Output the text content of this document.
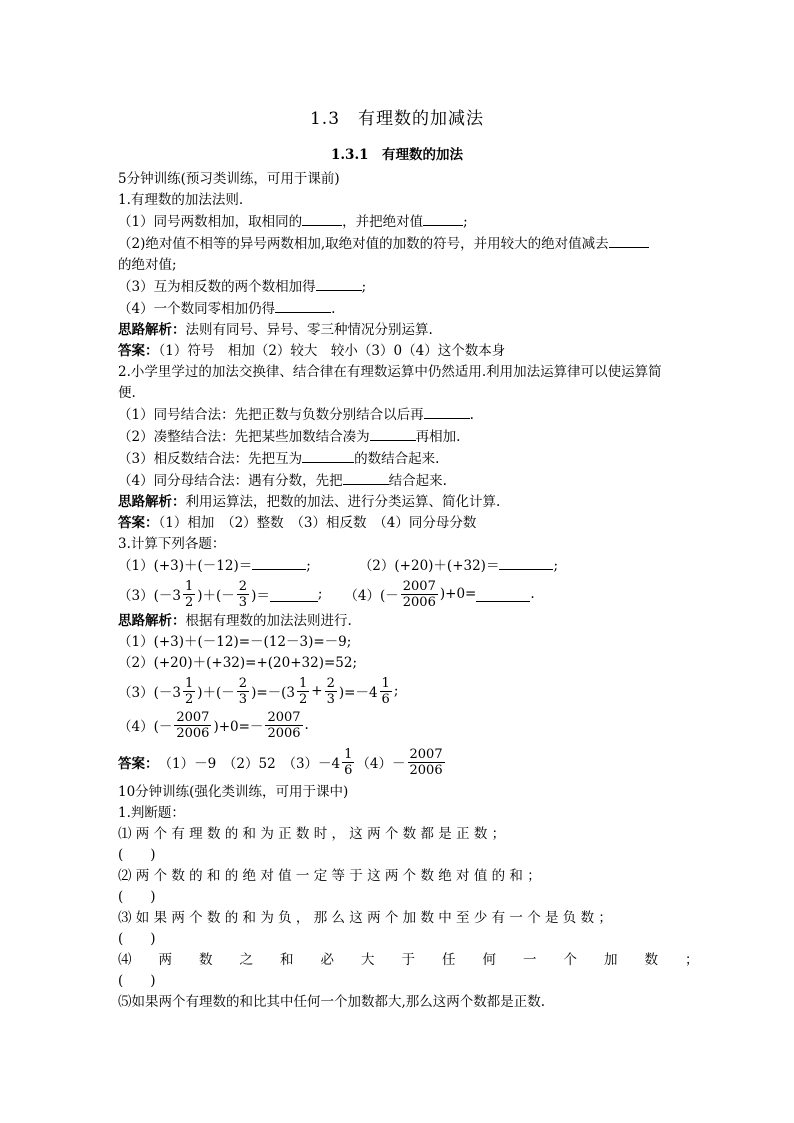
1.3　有理数的加减法
1.3.1　有理数的加法
5分钟训练(预习类训练，可用于课前)
1.有理数的加法法则.
（1）同号两数相加，取相同的	，并把绝对值	;
（2)绝对值不相等的异号两数相加,取绝对值的加数的符号，并用较大的绝对值减去
的绝对值;
（3）互为相反数的两个数相加得	;
（4）一个数同零相加仍得	.
思路解析：法则有同号、异号、零三种情况分别运算.
答案：（1）符号　相加（2）较大　较小（3）0（4）这个数本身
2.小学里学过的加法交换律、结合律在有理数运算中仍然适用.利用加法运算律可以使运算简便.
（1）同号结合法：先把正数与负数分别结合以后再	.
（2）凑整结合法：先把某些加数结合凑为	再相加.
（3）相反数结合法：先把互为	的数结合起来.
（4）同分母结合法：遇有分数，先把	结合起来.
思路解析：利用运算法，把数的加法、进行分类运算、简化计算.
答案：（1）相加　（2）整数　（3）相反数　（4）同分母分数
3.计算下列各题：
（1）(+3)＋(－12)＝	;	（2）(+20)＋(+32)＝	;
$(3)(-3 \frac{1}{2}$ )＋(－ $\frac{2}{3}$ )＝	; $(4)(- \frac{2007}{2006} )+0=$	.
思路解析：根据有理数的加法法则进行.
（1）(+3)＋(－12)=－(12－3)=－9;
（2）(+20)＋(+32)=+(20+32)=52;
$(3)(-3 \frac{1}{2}$ )＋(－ $\frac{2}{3} )=-(3 \frac{1}{2} + \frac{2}{3} )=-4 \frac{1}{6}$ ;
$(4)(- \frac{2007}{2006} )+0=- \frac{2007}{2006}$ .
答案： （1）－9　（2）52　$(3)-4 \frac{1}{6} (4)- \frac{2007}{2006}$
10分钟训练(强化类训练，可用于课中)
1.判断题：
⑴ 两 个 有 理 数 的 和 为 正 数 时 ， 这 两 个 数 都 是 正 数 ；
(　　)
⑵ 两 个 数 的 和 的 绝 对 值 一 定 等 于 这 两 个 数 绝 对 值 的 和 ；
(　　)
⑶ 如 果 两 个 数 的 和 为 负 ， 那 么 这 两 个 加 数 中 至 少 有 一 个 是 负 数 ；
(　　)
⑷　　两　　数　　之　　和　　必　　大　　于　　任　　何　　一　　个　　加　　数　　；
(　　)
⑸如果两个有理数的和比其中任何一个加数都大,那么这两个数都是正数.
